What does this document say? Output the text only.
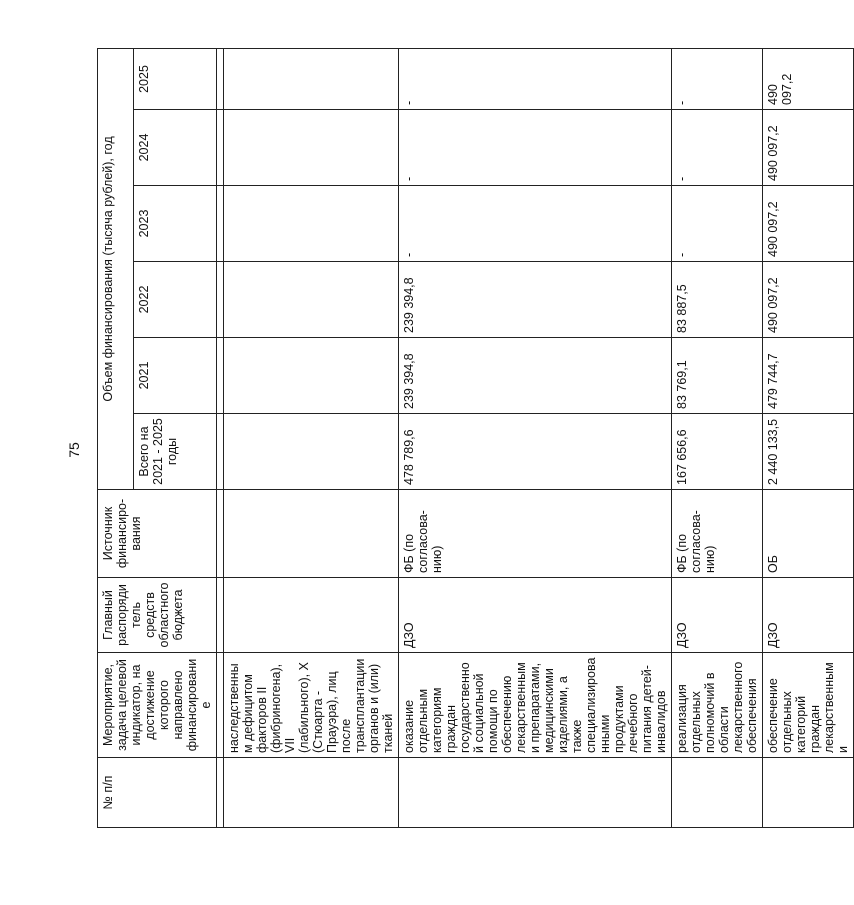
75
№ п/п	Мероприятие, задача целевой индикатор, на достижение которого направлено финансирование	Главный распорядитель средств областного бюджета	Источник финансиро-вания	Объем финансирования (тысяча рублей), год					
				Всего на 2021 - 2025 годы	2021	2022	2023	2024	2025

	наследственным дефицитом факторов II (фибриногена), VII (лабильного), X (Стюарта - Прауэра), лиц после трансплантации органов и (или) тканей								
	оказание отдельным категориям граждан государственной социальной помощи по обеспечению лекарственными препаратами, медицинскими изделиями, а также специализированными продуктами лечебного питания детей-инвалидов	ДЗО	ФБ (по согласова-нию)	478 789,6	239 394,8	239 394,8	-	-	-
	реализация отдельных полномочий в области лекарственного обеспечения	ДЗО	ФБ (по согласова-нию)	167 656,6	83 769,1	83 887,5	-	-	-
	обеспечение отдельных категорий граждан лекарственными	ДЗО	ОБ	2 440 133,5	479 744,7	490 097,2	490 097,2	490 097,2	490 097,2
